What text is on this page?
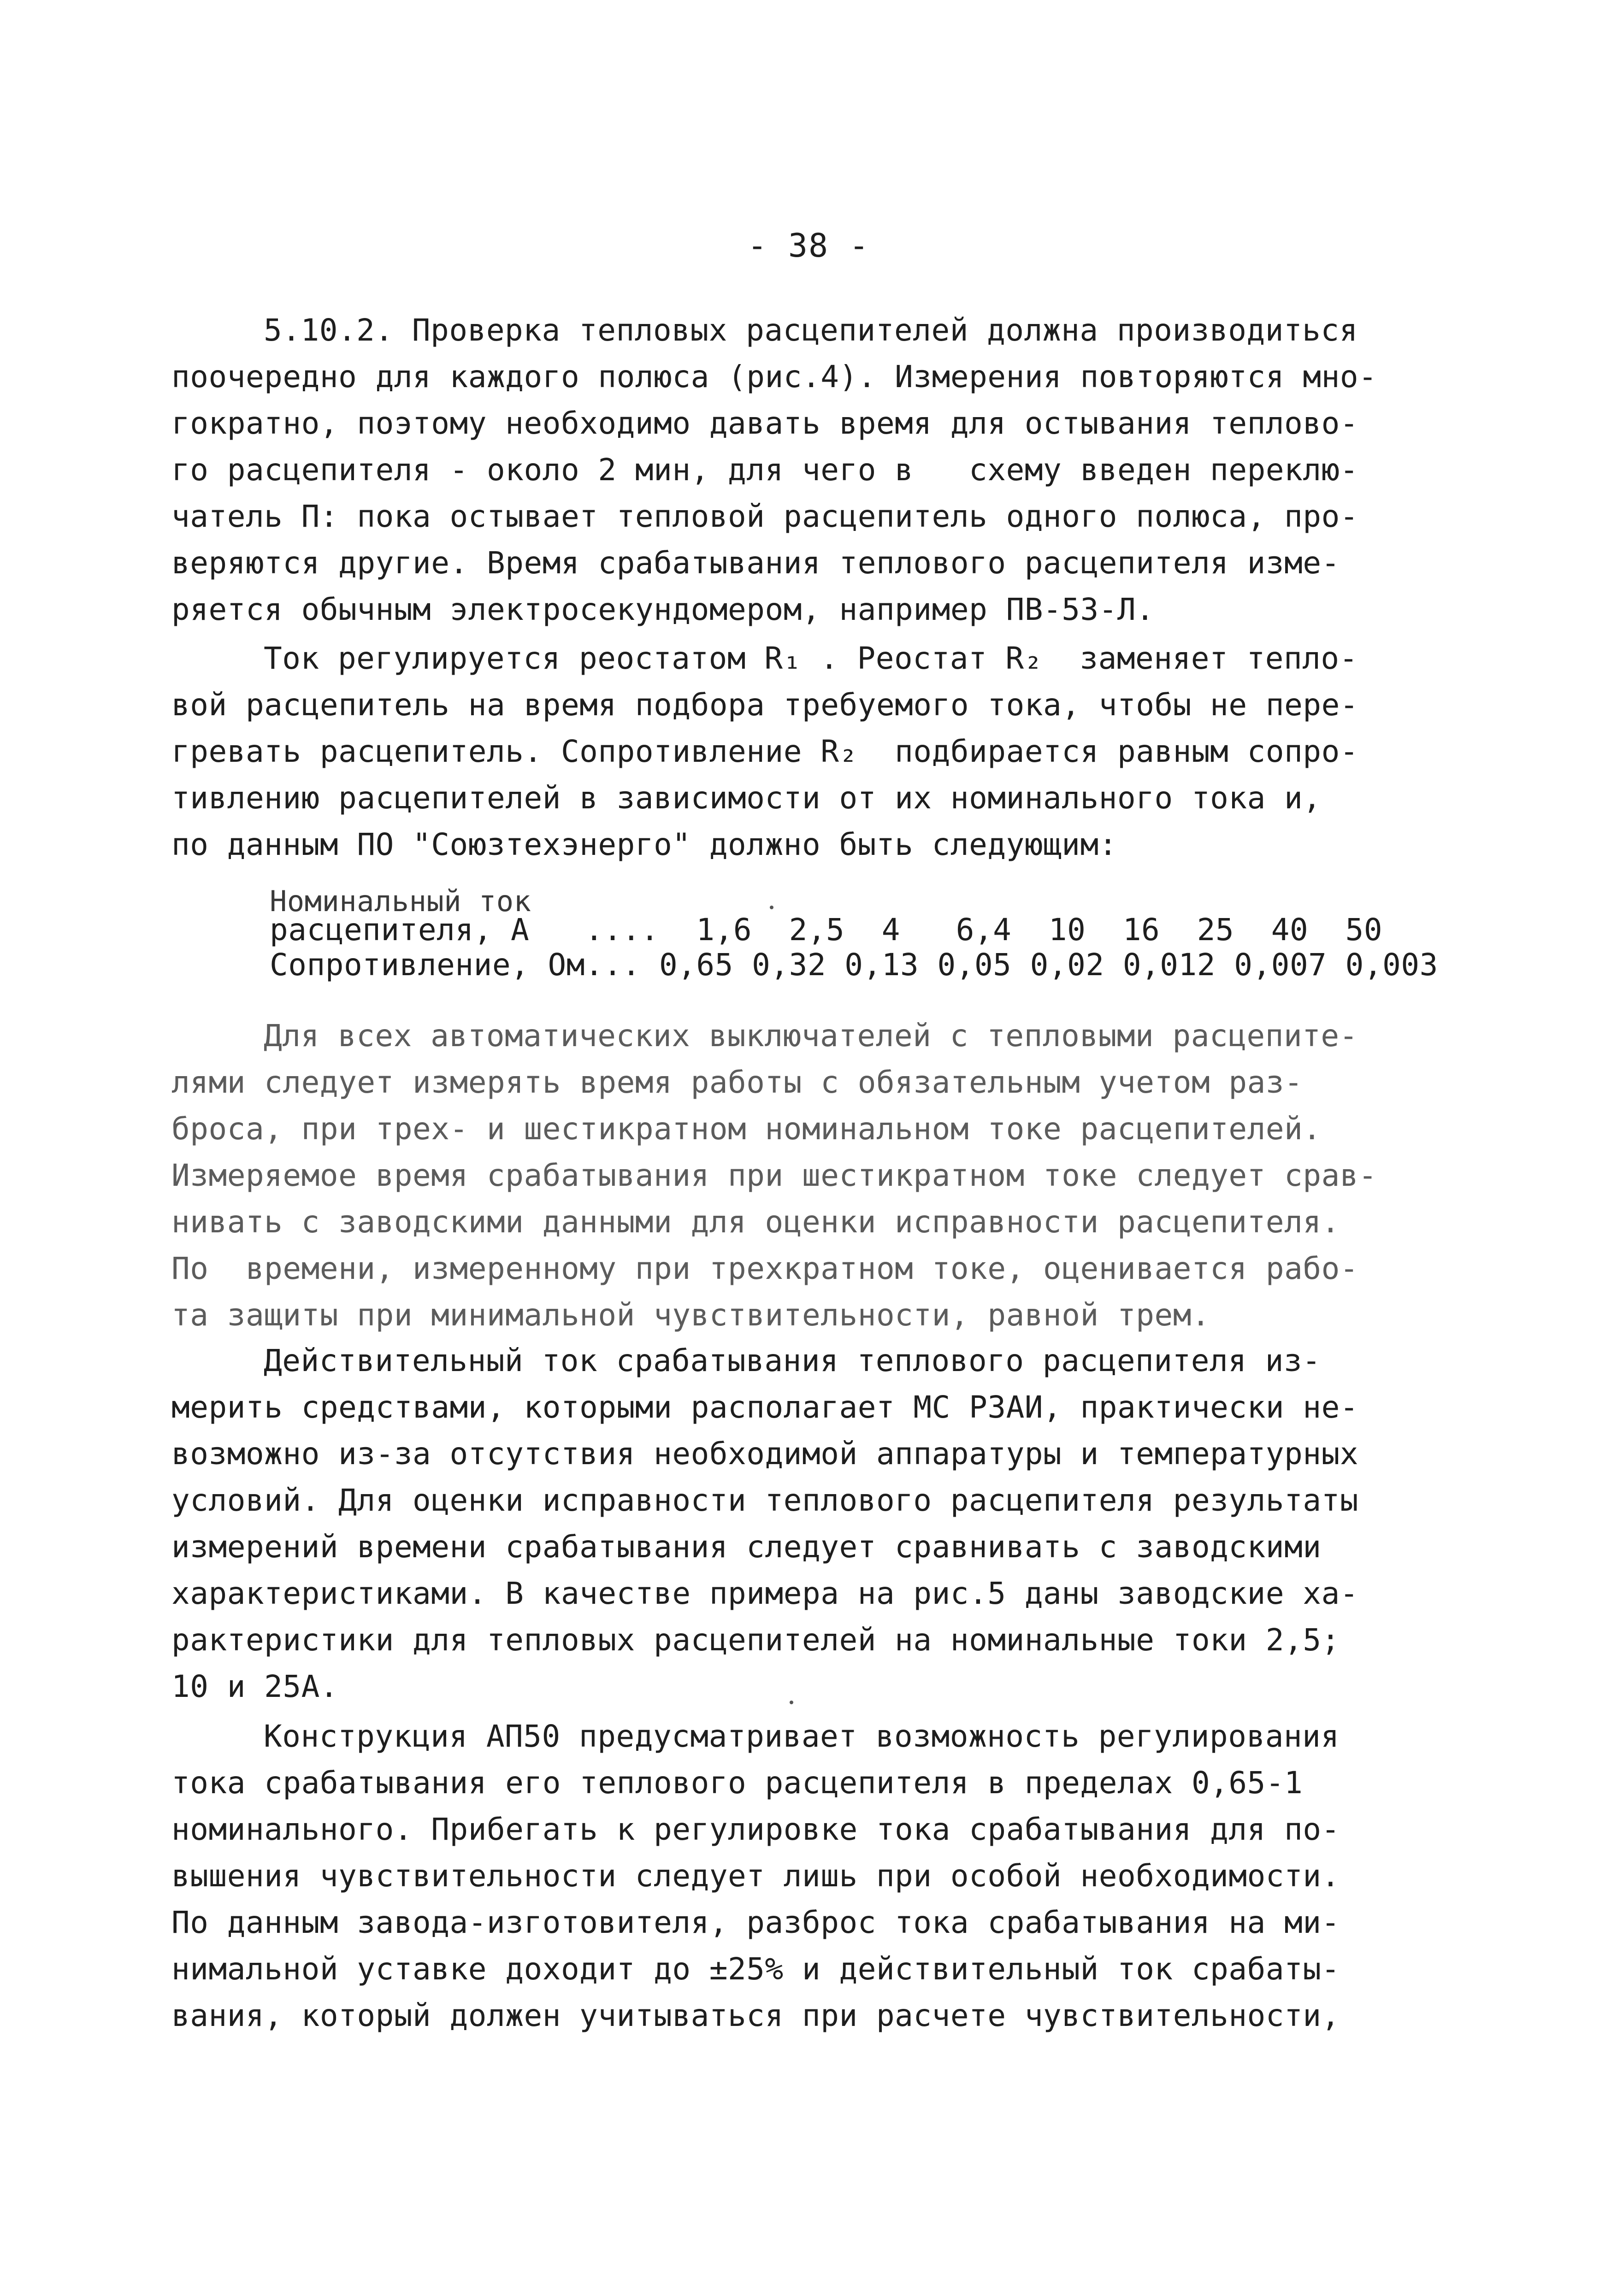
- 38 -
5.10.2. Проверка тепловых расцепителей должна производиться
поочередно для каждого полюса (рис.4). Измерения повторяются мно-
гократно, поэтому необходимо давать время для остывания теплово-
го расцепителя - около 2 мин, для чего в   схему введен переклю-
чатель П: пока остывает тепловой расцепитель одного полюса, про-
веряются другие. Время срабатывания теплового расцепителя изме-
ряется обычным электросекундомером, например ПВ-53-Л.
Ток регулируется реостатом R₁ . Реостат R₂  заменяет тепло-
вой расцепитель на время подбора требуемого тока, чтобы не пере-
гревать расцепитель. Сопротивление R₂  подбирается равным сопро-
тивлению расцепителей в зависимости от их номинального тока и,
по данным ПО "Союзтехэнерго" должно быть следующим:
Номинальный ток
расцепителя, А   ....  1,6  2,5  4   6,4  10  16  25  40  50
Сопротивление, Ом... 0,65 0,32 0,13 0,05 0,02 0,012 0,007 0,003
Для всех автоматических выключателей с тепловыми расцепите-
лями следует измерять время работы с обязательным учетом раз-
броса, при трех- и шестикратном номинальном токе расцепителей.
Измеряемое время срабатывания при шестикратном токе следует срав-
нивать с заводскими данными для оценки исправности расцепителя.
По  времени, измеренному при трехкратном токе, оценивается рабо-
та защиты при минимальной чувствительности, равной трем.
Действительный ток срабатывания теплового расцепителя из-
мерить средствами, которыми располагает МС РЗАИ, практически не-
возможно из-за отсутствия необходимой аппаратуры и температурных
условий. Для оценки исправности теплового расцепителя результаты
измерений времени срабатывания следует сравнивать с заводскими
характеристиками. В качестве примера на рис.5 даны заводские ха-
рактеристики для тепловых расцепителей на номинальные токи 2,5;
10 и 25А.
Конструкция АП50 предусматривает возможность регулирования
тока срабатывания его теплового расцепителя в пределах 0,65-1
номинального. Прибегать к регулировке тока срабатывания для по-
вышения чувствительности следует лишь при особой необходимости.
По данным завода-изготовителя, разброс тока срабатывания на ми-
нимальной уставке доходит до ±25% и действительный ток срабаты-
вания, который должен учитываться при расчете чувствительности,
